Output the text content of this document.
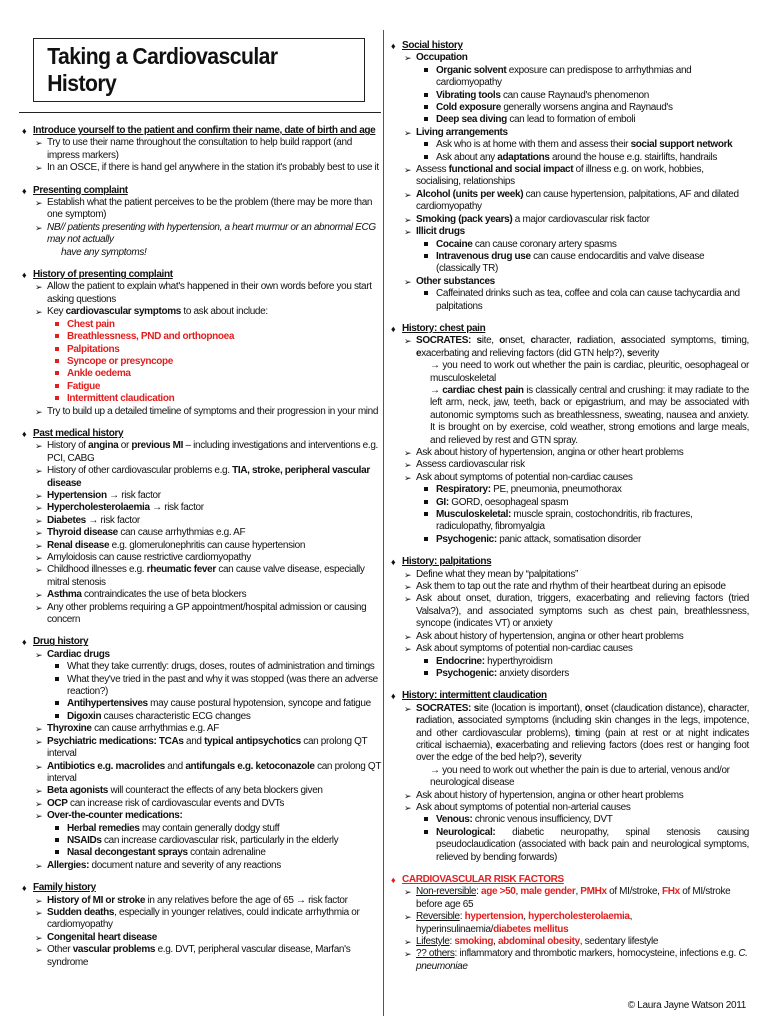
Taking a Cardiovascular History
♦ Introduce yourself to the patient and confirm their name, date of birth and age
➢ Try to use their name throughout the consultation to help build rapport (and impress markers)
➢ In an OSCE, if there is hand gel anywhere in the station it's probably best to use it
♦ Presenting complaint
➢ Establish what the patient perceives to be the problem (there may be more than one symptom)
➢ NB// patients presenting with hypertension, a heart murmur or an abnormal ECG may not actually
have any symptoms!
♦ History of presenting complaint
➢ Allow the patient to explain what's happened in their own words before you start asking questions
➢ Key cardiovascular symptoms to ask about include:
Chest pain
Breathlessness, PND and orthopnoea
Palpitations
Syncope or presyncope
Ankle oedema
Fatigue
Intermittent claudication
➢ Try to build up a detailed timeline of symptoms and their progression in your mind
♦ Past medical history
➢ History of angina or previous MI – including investigations and interventions e.g. PCI, CABG
➢ History of other cardiovascular problems e.g. TIA, stroke, peripheral vascular disease
➢ Hypertension → risk factor
➢ Hypercholesterolaemia → risk factor
➢ Diabetes → risk factor
➢ Thyroid disease can cause arrhythmias e.g. AF
➢ Renal disease e.g. glomerulonephritis can cause hypertension
➢ Amyloidosis can cause restrictive cardiomyopathy
➢ Childhood illnesses e.g. rheumatic fever can cause valve disease, especially mitral stenosis
➢ Asthma contraindicates the use of beta blockers
➢ Any other problems requiring a GP appointment/hospital admission or causing concern
♦ Drug history
➢ Cardiac drugs
What they take currently: drugs, doses, routes of administration and timings
What they've tried in the past and why it was stopped (was there an adverse reaction?)
Antihypertensives may cause postural hypotension, syncope and fatigue
Digoxin causes characteristic ECG changes
➢ Thyroxine can cause arrhythmias e.g. AF
➢ Psychiatric medications: TCAs and typical antipsychotics can prolong QT interval
➢ Antibiotics e.g. macrolides and antifungals e.g. ketoconazole can prolong QT interval
➢ Beta agonists will counteract the effects of any beta blockers given
➢ OCP can increase risk of cardiovascular events and DVTs
➢ Over-the-counter medications:
Herbal remedies may contain generally dodgy stuff
NSAIDs can increase cardiovascular risk, particularly in the elderly
Nasal decongestant sprays contain adrenaline
➢ Allergies: document nature and severity of any reactions
♦ Family history
➢ History of MI or stroke in any relatives before the age of 65 → risk factor
➢ Sudden deaths, especially in younger relatives, could indicate arrhythmia or cardiomyopathy
➢ Congenital heart disease
➢ Other vascular problems e.g. DVT, peripheral vascular disease, Marfan's syndrome
♦ Social history
➢ Occupation
Organic solvent exposure can predispose to arrhythmias and cardiomyopathy
Vibrating tools can cause Raynaud's phenomenon
Cold exposure generally worsens angina and Raynaud's
Deep sea diving can lead to formation of emboli
➢ Living arrangements
Ask who is at home with them and assess their social support network
Ask about any adaptations around the house e.g. stairlifts, handrails
➢ Assess functional and social impact of illness e.g. on work, hobbies, socialising, relationships
➢ Alcohol (units per week) can cause hypertension, palpitations, AF and dilated cardiomyopathy
➢ Smoking (pack years) a major cardiovascular risk factor
➢ Illicit drugs
Cocaine can cause coronary artery spasms
Intravenous drug use can cause endocarditis and valve disease (classically TR)
➢ Other substances
Caffeinated drinks such as tea, coffee and cola can cause tachycardia and palpitations
♦ History: chest pain
➢ SOCRATES: site, onset, character, radiation, associated symptoms, timing, exacerbating and relieving factors (did GTN help?), severity
→ you need to work out whether the pain is cardiac, pleuritic, oesophageal or musculoskeletal
→ cardiac chest pain is classically central and crushing: it may radiate to the left arm, neck, jaw, teeth, back or epigastrium, and may be associated with autonomic symptoms such as breathlessness, sweating, nausea and anxiety. It is brought on by exercise, cold weather, strong emotions and large meals, and relieved by rest and GTN spray.
➢ Ask about history of hypertension, angina or other heart problems
➢ Assess cardiovascular risk
➢ Ask about symptoms of potential non-cardiac causes
Respiratory: PE, pneumonia, pneumothorax
GI: GORD, oesophageal spasm
Musculoskeletal: muscle sprain, costochondritis, rib fractures, radiculopathy, fibromyalgia
Psychogenic: panic attack, somatisation disorder
♦ History: palpitations
➢ Define what they mean by “palpitations”
➢ Ask them to tap out the rate and rhythm of their heartbeat during an episode
➢ Ask about onset, duration, triggers, exacerbating and relieving factors (tried Valsalva?), and associated symptoms such as chest pain, breathlessness, syncope (indicates VT) or anxiety
➢ Ask about history of hypertension, angina or other heart problems
➢ Ask about symptoms of potential non-cardiac causes
Endocrine: hyperthyroidism
Psychogenic: anxiety disorders
♦ History: intermittent claudication
➢ SOCRATES: site (location is important), onset (claudication distance), character, radiation, associated symptoms (including skin changes in the legs, impotence, and other cardiovascular problems), timing (pain at rest or at night indicates critical ischaemia), exacerbating and relieving factors (does rest or hanging foot over the edge of the bed help?), severity
→ you need to work out whether the pain is due to arterial, venous and/or neurological disease
➢ Ask about history of hypertension, angina or other heart problems
➢ Ask about symptoms of potential non-arterial causes
Venous: chronic venous insufficiency, DVT
Neurological: diabetic neuropathy, spinal stenosis causing pseudoclaudication (associated with back pain and neurological symptoms, relieved by bending forwards)
♦ CARDIOVASCULAR RISK FACTORS
➢ Non-reversible: age >50, male gender, PMHx of MI/stroke, FHx of MI/stroke before age 65
➢ Reversible: hypertension, hypercholesterolaemia, hyperinsulinaemia/diabetes mellitus
➢ Lifestyle: smoking, abdominal obesity, sedentary lifestyle
➢ ?? others: inflammatory and thrombotic markers, homocysteine, infections e.g. C. pneumoniae
© Laura Jayne Watson 2011
